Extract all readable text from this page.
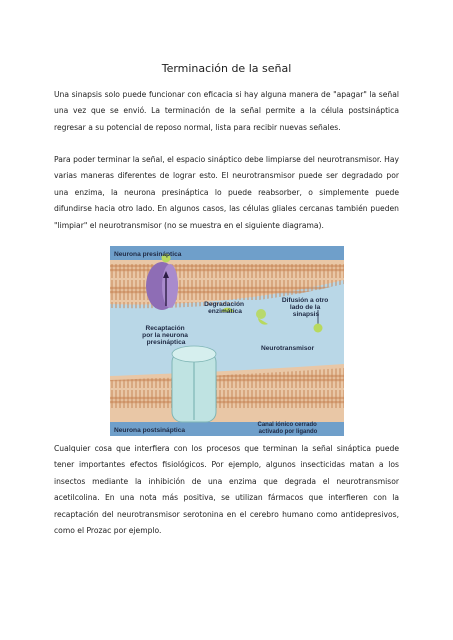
Terminación de la señal

Una sinapsis solo puede funcionar con eficacia si hay alguna manera de "apagar" la señal una vez que se envió. La terminación de la señal permite a la célula postsináptica regresar a su potencial de reposo normal, lista para recibir nuevas señales.

Para poder terminar la señal, el espacio sináptico debe limpiarse del neurotransmisor. Hay varias maneras diferentes de lograr esto. El neurotransmisor puede ser degradado por una enzima, la neurona presináptica lo puede reabsorber, o simplemente puede difundirse hacia otro lado. En algunos casos, las células gliales cercanas también pueden "limpiar" el neurotransmisor (no se muestra en el siguiente diagrama).

Neurona presináptica
Recaptación por la neurona presináptica
Degradación enzimática
Difusión a otro lado de la sinapsis
Neurotransmisor
Neurona postsináptica
Canal iónico cerrado activado por ligando

Cualquier cosa que interfiera con los procesos que terminan la señal sináptica puede tener importantes efectos fisiológicos. Por ejemplo, algunos insecticidas matan a los insectos mediante la inhibición de una enzima que degrada el neurotransmisor acetilcolina. En una nota más positiva, se utilizan fármacos que interfieren con la recaptación del neurotransmisor serotonina en el cerebro humano como antidepresivos, como el Prozac por ejemplo.
